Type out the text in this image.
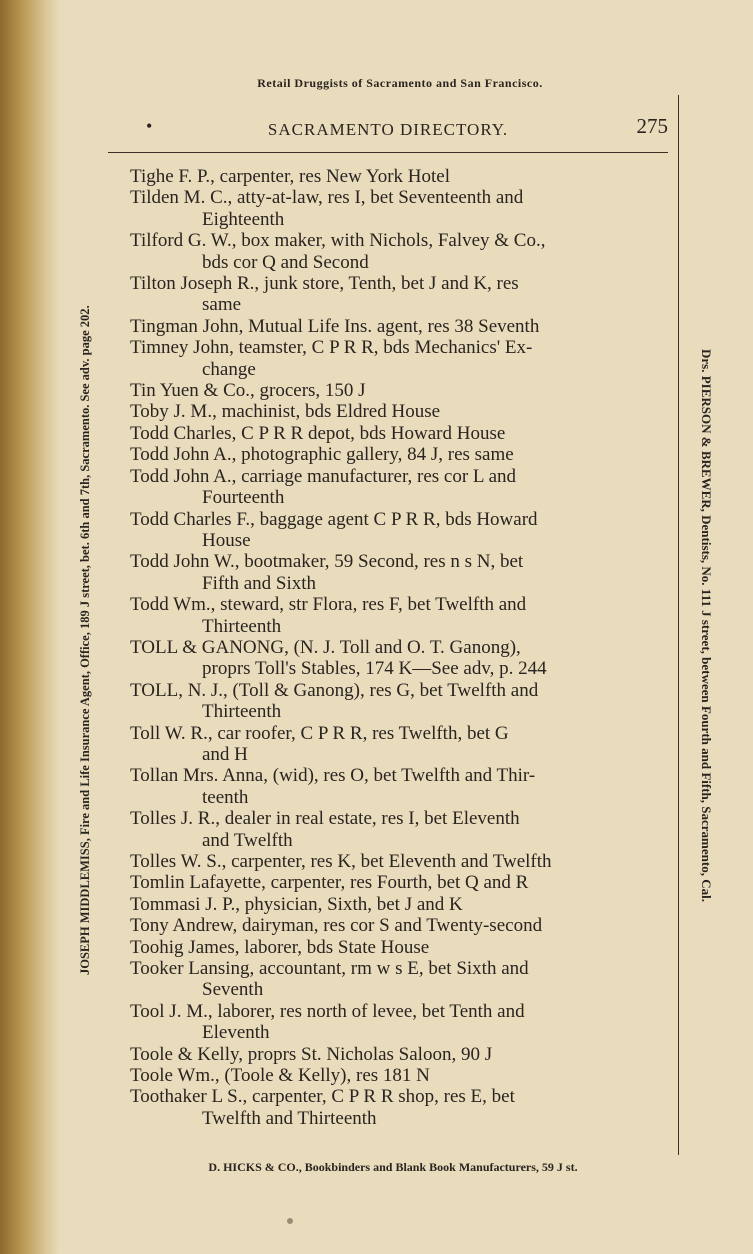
Retail Druggists of Sacramento and San Francisco.
•	SACRAMENTO DIRECTORY.	275
JOSEPH MIDDLEMISS, Fire and Life Insurance Agent, Office, 189 J street, bet. 6th and 7th, Sacramento. See adv. page 202.
Tighe F. P., carpenter, res New York Hotel
Tilden M. C., atty-at-law, res I, bet Seventeenth and
Eighteenth
Tilford G. W., box maker, with Nichols, Falvey & Co.,
bds cor Q and Second
Tilton Joseph R., junk store, Tenth, bet J and K, res
same
Tingman John, Mutual Life Ins. agent, res 38 Seventh
Timney John, teamster, C P R R, bds Mechanics' Ex-
change
Tin Yuen & Co., grocers, 150 J
Toby J. M., machinist, bds Eldred House
Todd Charles, C P R R depot, bds Howard House
Todd John A., photographic gallery, 84 J, res same
Todd John A., carriage manufacturer, res cor L and
Fourteenth
Todd Charles F., baggage agent C P R R, bds Howard
House
Todd John W., bootmaker, 59 Second, res n s N, bet
Fifth and Sixth
Todd Wm., steward, str Flora, res F, bet Twelfth and
Thirteenth
TOLL & GANONG, (N. J. Toll and O. T. Ganong),
proprs Toll's Stables, 174 K—See adv, p. 244
TOLL, N. J., (Toll & Ganong), res G, bet Twelfth and
Thirteenth
Toll W. R., car roofer, C P R R, res Twelfth, bet G
and H
Tollan Mrs. Anna, (wid), res O, bet Twelfth and Thir-
teenth
Tolles J. R., dealer in real estate, res I, bet Eleventh
and Twelfth
Tolles W. S., carpenter, res K, bet Eleventh and Twelfth
Tomlin Lafayette, carpenter, res Fourth, bet Q and R
Tommasi J. P., physician, Sixth, bet J and K
Tony Andrew, dairyman, res cor S and Twenty-second
Toohig James, laborer, bds State House
Tooker Lansing, accountant, rm w s E, bet Sixth and
Seventh
Tool J. M., laborer, res north of levee, bet Tenth and
Eleventh
Toole & Kelly, proprs St. Nicholas Saloon, 90 J
Toole Wm., (Toole & Kelly), res 181 N
Toothaker L S., carpenter, C P R R shop, res E, bet
Twelfth and Thirteenth
Drs. PIERSON & BREWER, Dentists, No. 111 J street, between Fourth and Fifth, Sacramento, Cal.
D. HICKS & CO., Bookbinders and Blank Book Manufacturers, 59 J st.
